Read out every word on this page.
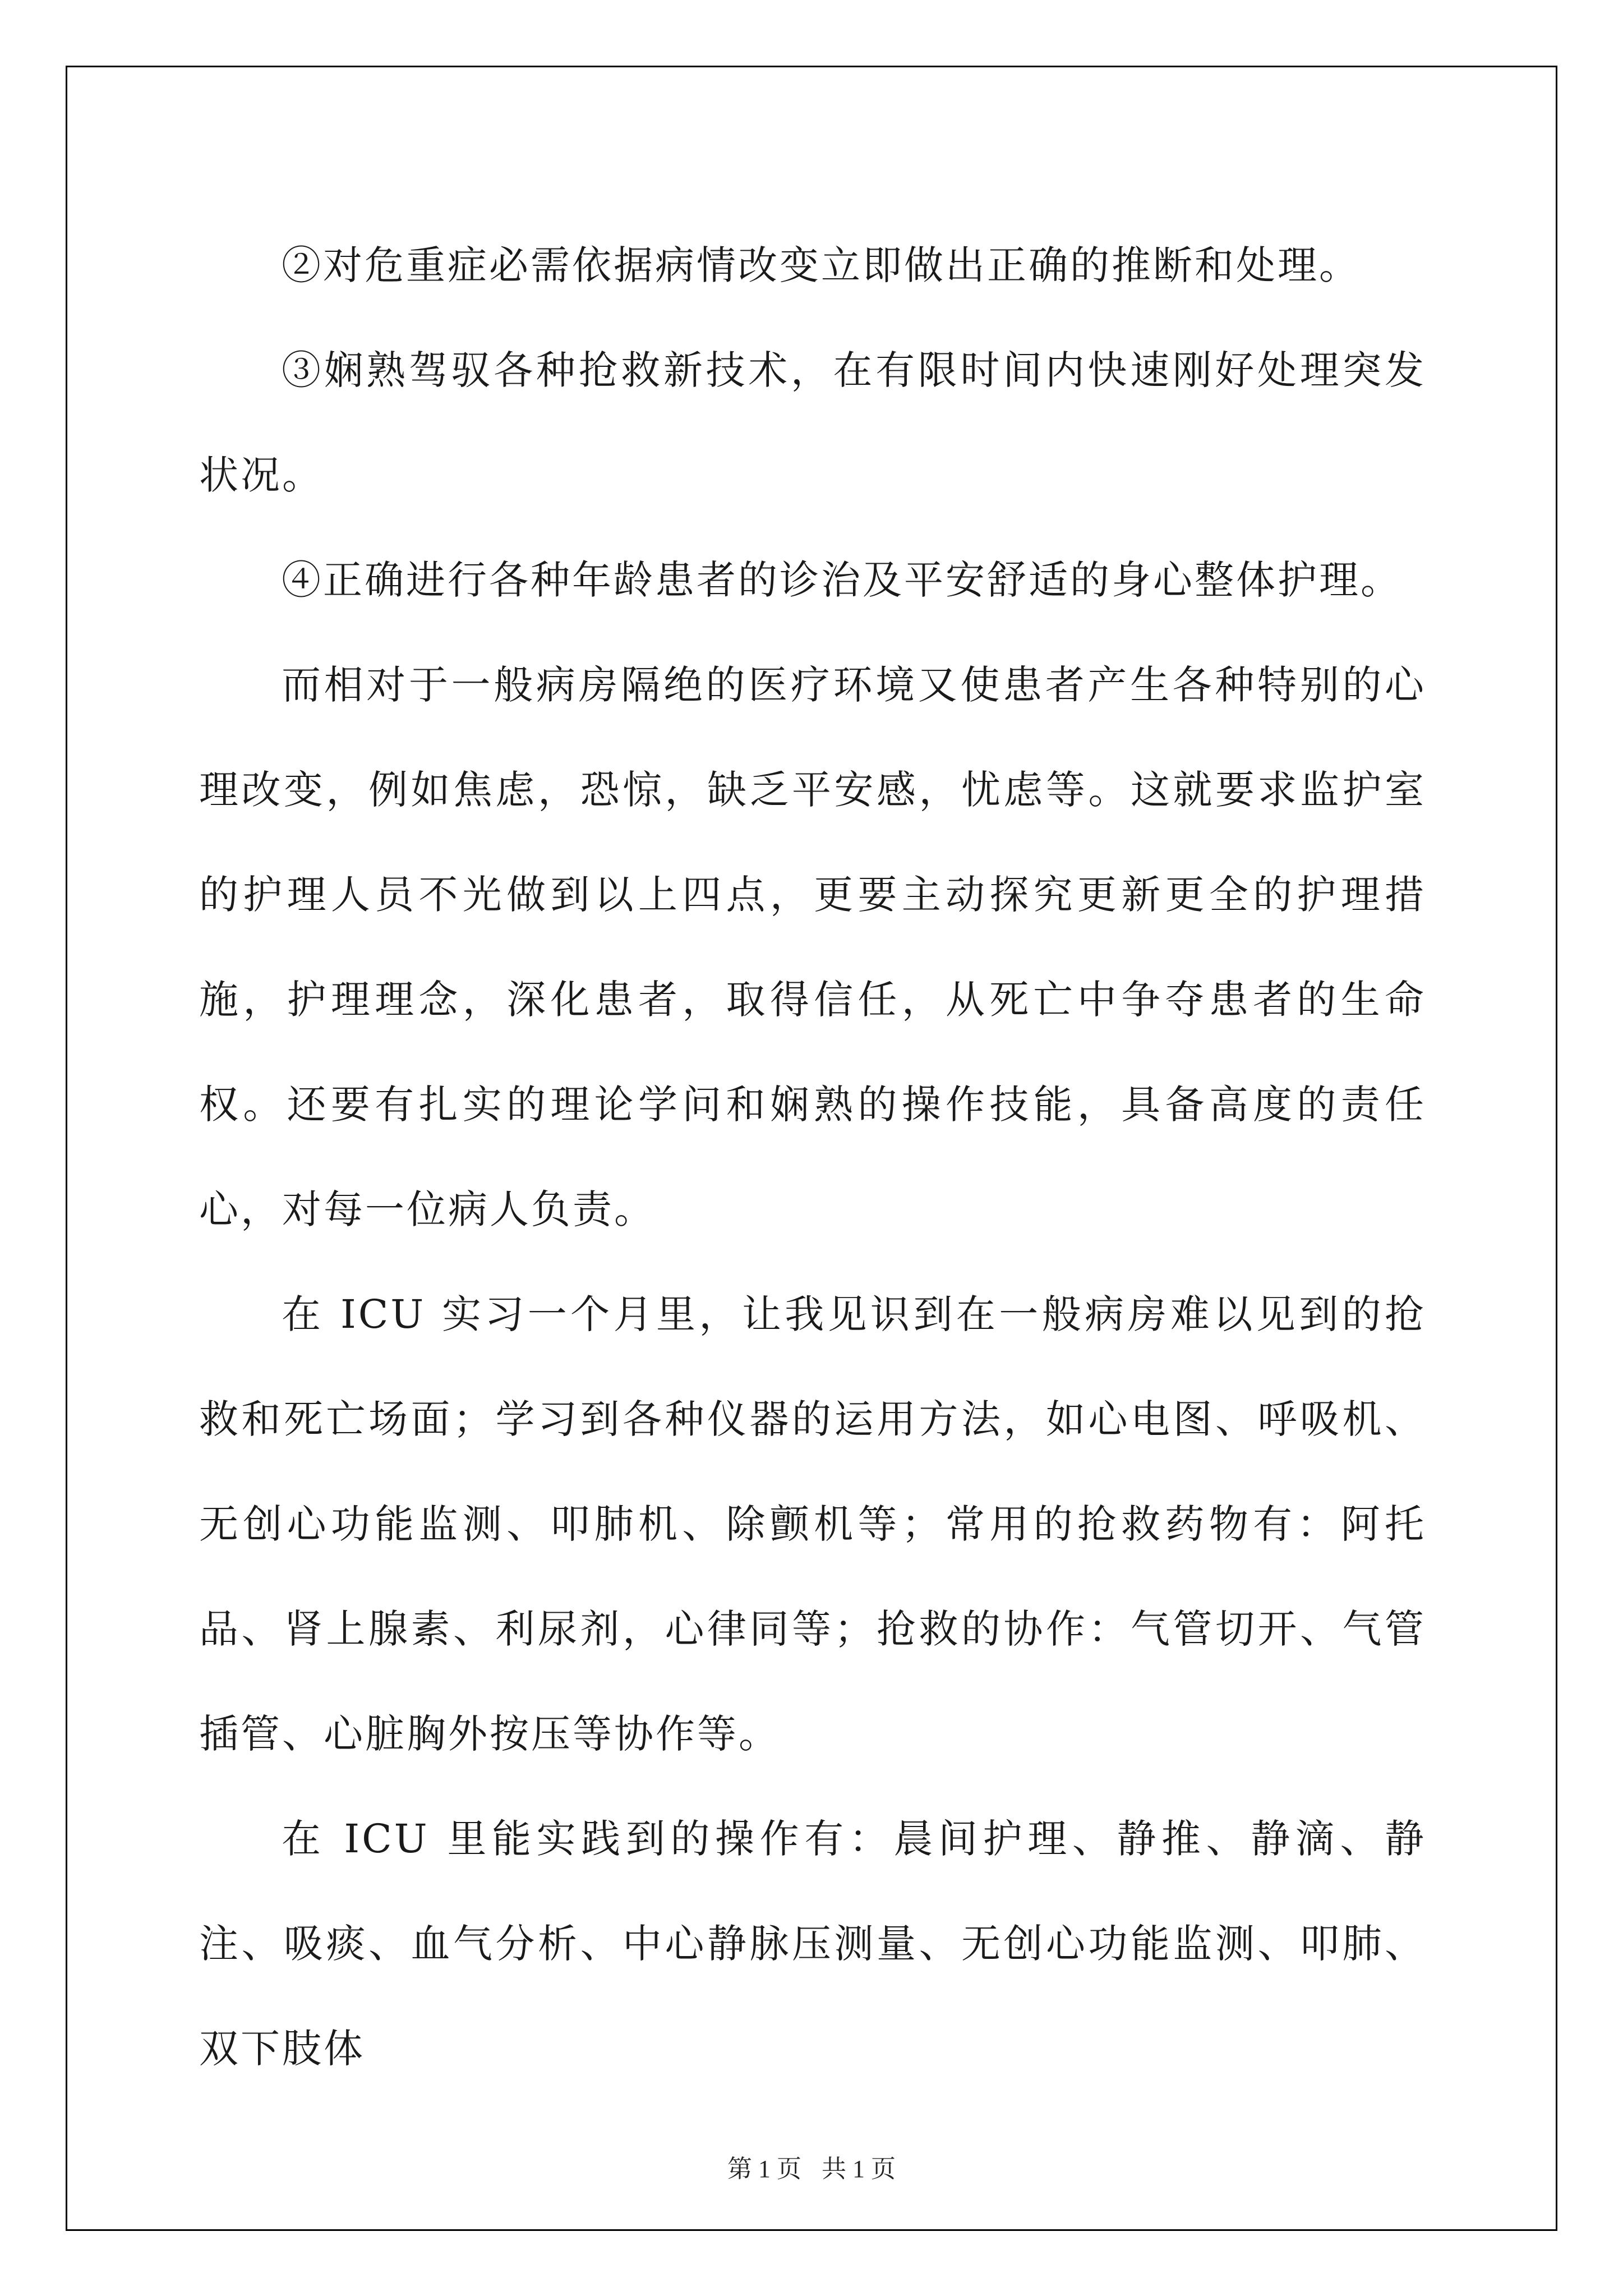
②对危重症必需依据病情改变立即做出正确的推断和处理。

③娴熟驾驭各种抢救新技术，在有限时间内快速刚好处理突发状况。

④正确进行各种年龄患者的诊治及平安舒适的身心整体护理。

而相对于一般病房隔绝的医疗环境又使患者产生各种特别的心理改变，例如焦虑，恐惊，缺乏平安感，忧虑等。这就要求监护室的护理人员不光做到以上四点，更要主动探究更新更全的护理措施，护理理念，深化患者，取得信任，从死亡中争夺患者的生命权。还要有扎实的理论学问和娴熟的操作技能，具备高度的责任心，对每一位病人负责。

在 ICU 实习一个月里，让我见识到在一般病房难以见到的抢救和死亡场面；学习到各种仪器的运用方法，如心电图、呼吸机、无创心功能监测、叩肺机、除颤机等；常用的抢救药物有：阿托品、肾上腺素、利尿剂，心律同等；抢救的协作：气管切开、气管插管、心脏胸外按压等协作等。

在 ICU 里能实践到的操作有：晨间护理、静推、静滴、静注、吸痰、血气分析、中心静脉压测量、无创心功能监测、叩肺、双下肢体

第 1 页 共 1 页
